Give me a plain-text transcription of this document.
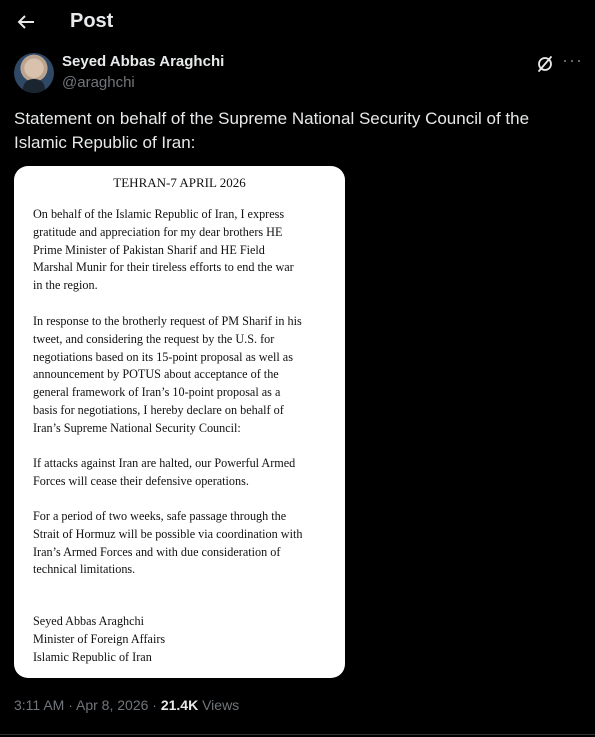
Post
Seyed Abbas Araghchi
@araghchi
···
Statement on behalf of the Supreme National Security Council of the
Islamic Republic of Iran:
TEHRAN-7 APRIL 2026
On behalf of the Islamic Republic of Iran, I express
gratitude and appreciation for my dear brothers HE
Prime Minister of Pakistan Sharif and HE Field
Marshal Munir for their tireless efforts to end the war
in the region.
In response to the brotherly request of PM Sharif in his
tweet, and considering the request by the U.S. for
negotiations based on its 15-point proposal as well as
announcement by POTUS about acceptance of the
general framework of Iran’s 10-point proposal as a
basis for negotiations, I hereby declare on behalf of
Iran’s Supreme National Security Council:
If attacks against Iran are halted, our Powerful Armed
Forces will cease their defensive operations.
For a period of two weeks, safe passage through the
Strait of Hormuz will be possible via coordination with
Iran’s Armed Forces and with due consideration of
technical limitations.
Seyed Abbas Araghchi
Minister of Foreign Affairs
Islamic Republic of Iran
3:11 AM · Apr 8, 2026 · 21.4K Views
